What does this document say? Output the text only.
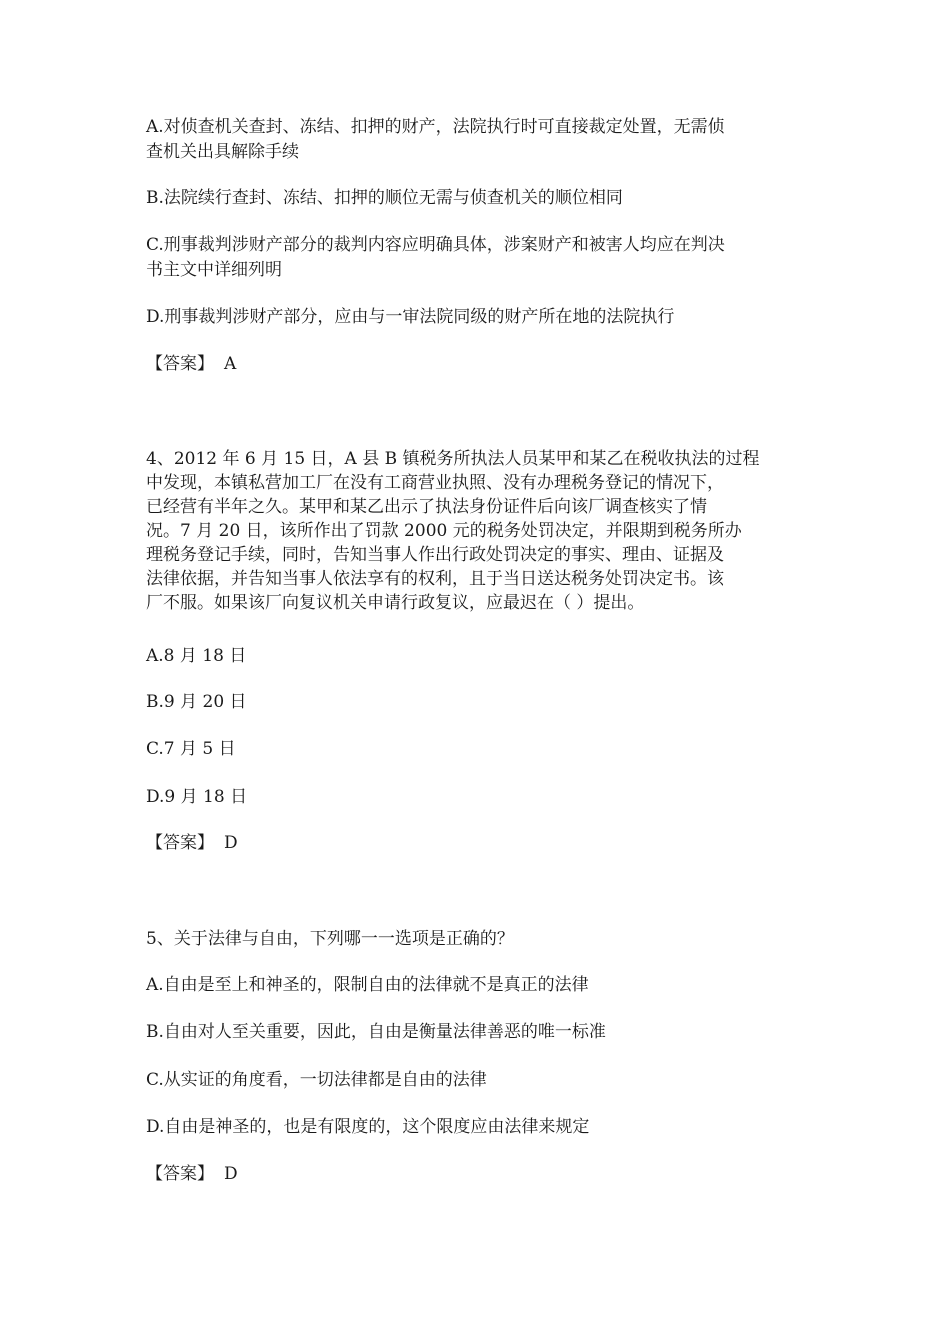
A.对侦查机关查封、冻结、扣押的财产，法院执行时可直接裁定处置，无需侦
查机关出具解除手续
B.法院续行查封、冻结、扣押的顺位无需与侦查机关的顺位相同
C.刑事裁判涉财产部分的裁判内容应明确具体，涉案财产和被害人均应在判决
书主文中详细列明
D.刑事裁判涉财产部分，应由与一审法院同级的财产所在地的法院执行
【答案】 A
4、2012 年 6 月 15 日，A 县 B 镇税务所执法人员某甲和某乙在税收执法的过程
中发现，本镇私营加工厂在没有工商营业执照、没有办理税务登记的情况下，
已经营有半年之久。某甲和某乙出示了执法身份证件后向该厂调查核实了情
况。7 月 20 日，该所作出了罚款 2000 元的税务处罚决定，并限期到税务所办
理税务登记手续，同时，告知当事人作出行政处罚决定的事实、理由、证据及
法律依据，并告知当事人依法享有的权利，且于当日送达税务处罚决定书。该
厂不服。如果该厂向复议机关申请行政复议，应最迟在（ ）提出。
A.8 月 18 日
B.9 月 20 日
C.7 月 5 日
D.9 月 18 日
【答案】 D
5、关于法律与自由，下列哪一一选项是正确的？
A.自由是至上和神圣的，限制自由的法律就不是真正的法律
B.自由对人至关重要，因此，自由是衡量法律善恶的唯一标准
C.从实证的角度看，一切法律都是自由的法律
D.自由是神圣的，也是有限度的，这个限度应由法律来规定
【答案】 D
